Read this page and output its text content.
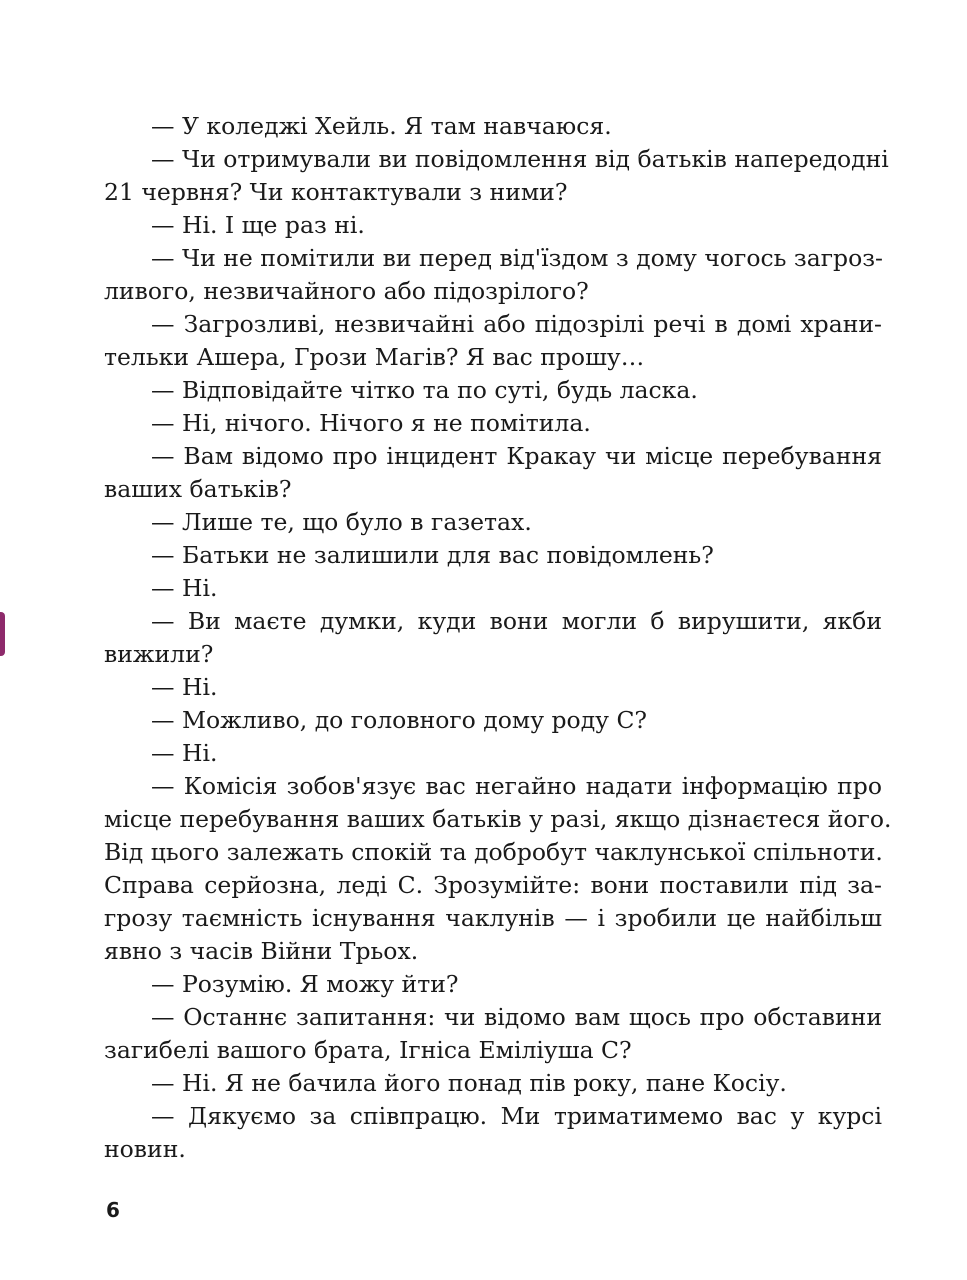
— У коледжі Хейль. Я там навчаюся.
— Чи отримували ви повідомлення від батьків напередодні
21 червня? Чи контактували з ними?
— Ні. І ще раз ні.
— Чи не помітили ви перед від'їздом з дому чогось загроз-
ливого, незвичайного або підозрілого?
— Загрозливі, незвичайні або підозрілі речі в домі храни-
тельки Ашера, Грози Магів? Я вас прошу…
— Відповідайте чітко та по суті, будь ласка.
— Ні, нічого. Нічого я не помітила.
— Вам відомо про інцидент Кракау чи місце перебування
ваших батьків?
— Лише те, що було в газетах.
— Батьки не залишили для вас повідомлень?
— Ні.
— Ви маєте думки, куди вони могли б вирушити, якби
вижили?
— Ні.
— Можливо, до головного дому роду С?
— Ні.
— Комісія зобов'язує вас негайно надати інформацію про
місце перебування ваших батьків у разі, якщо дізнаєтеся його.
Від цього залежать спокій та добробут чаклунської спільноти.
Справа серйозна, леді С. Зрозумійте: вони поставили під за-
грозу таємність існування чаклунів — і зробили це найбільш
явно з часів Війни Трьох.
— Розумію. Я можу йти?
— Останнє запитання: чи відомо вам щось про обставини
загибелі вашого брата, Ігніса Еміліуша С?
— Ні. Я не бачила його понад пів року, пане Косіу.
— Дякуємо за співпрацю. Ми триматимемо вас у курсі
новин.
6
